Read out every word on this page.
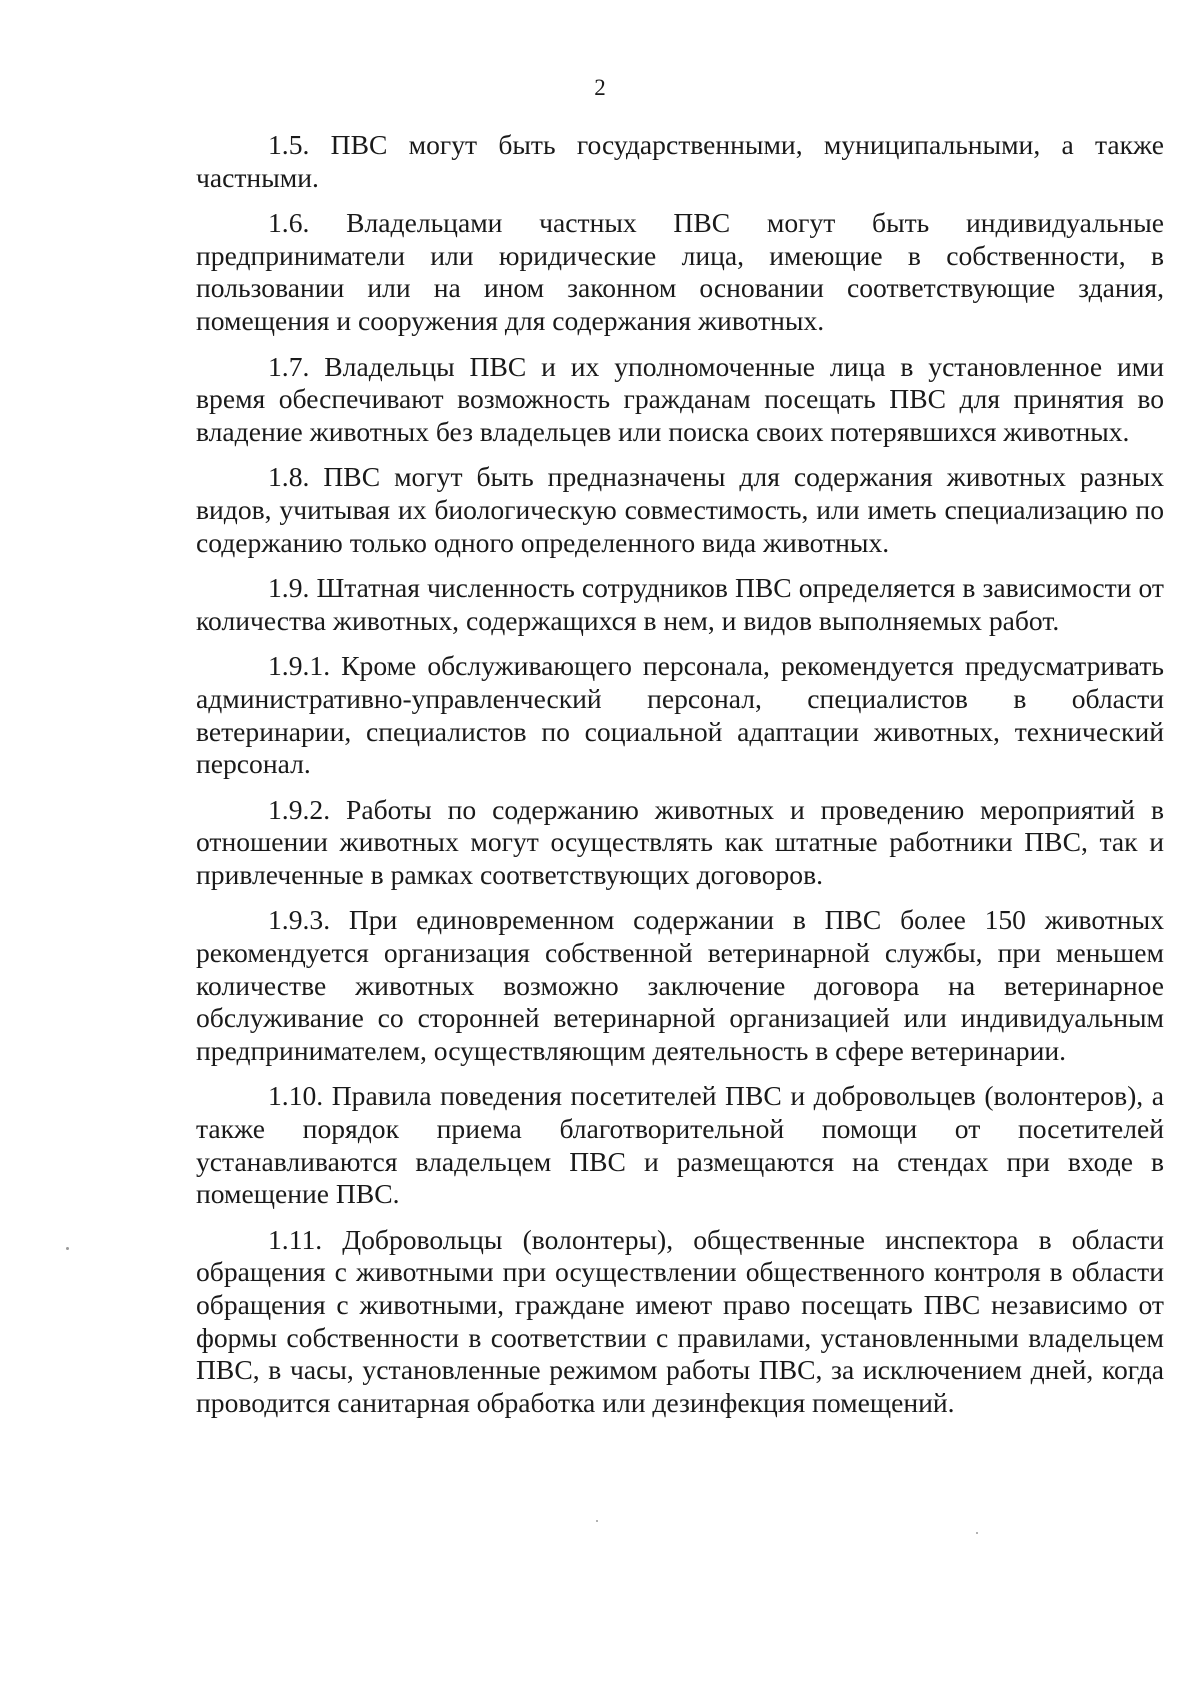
2

1.5. ПВС могут быть государственными, муниципальными, а также частными.

1.6. Владельцами частных ПВС могут быть индивидуальные предприниматели или юридические лица, имеющие в собственности, в пользовании или на ином законном основании соответствующие здания, помещения и сооружения для содержания животных.

1.7. Владельцы ПВС и их уполномоченные лица в установленное ими время обеспечивают возможность гражданам посещать ПВС для принятия во владение животных без владельцев или поиска своих потерявшихся животных.

1.8. ПВС могут быть предназначены для содержания животных разных видов, учитывая их биологическую совместимость, или иметь специализацию по содержанию только одного определенного вида животных.

1.9. Штатная численность сотрудников ПВС определяется в зависимости от количества животных, содержащихся в нем, и видов выполняемых работ.

1.9.1. Кроме обслуживающего персонала, рекомендуется предусматривать административно-управленческий персонал, специалистов в области ветеринарии, специалистов по социальной адаптации животных, технический персонал.

1.9.2. Работы по содержанию животных и проведению мероприятий в отношении животных могут осуществлять как штатные работники ПВС, так и привлеченные в рамках соответствующих договоров.

1.9.3. При единовременном содержании в ПВС более 150 животных рекомендуется организация собственной ветеринарной службы, при меньшем количестве животных возможно заключение договора на ветеринарное обслуживание со сторонней ветеринарной организацией или индивидуальным предпринимателем, осуществляющим деятельность в сфере ветеринарии.

1.10. Правила поведения посетителей ПВС и добровольцев (волонтеров), а также порядок приема благотворительной помощи от посетителей устанавливаются владельцем ПВС и размещаются на стендах при входе в помещение ПВС.

1.11. Добровольцы (волонтеры), общественные инспектора в области обращения с животными при осуществлении общественного контроля в области обращения с животными, граждане имеют право посещать ПВС независимо от формы собственности в соответствии с правилами, установленными владельцем ПВС, в часы, установленные режимом работы ПВС, за исключением дней, когда проводится санитарная обработка или дезинфекция помещений.
